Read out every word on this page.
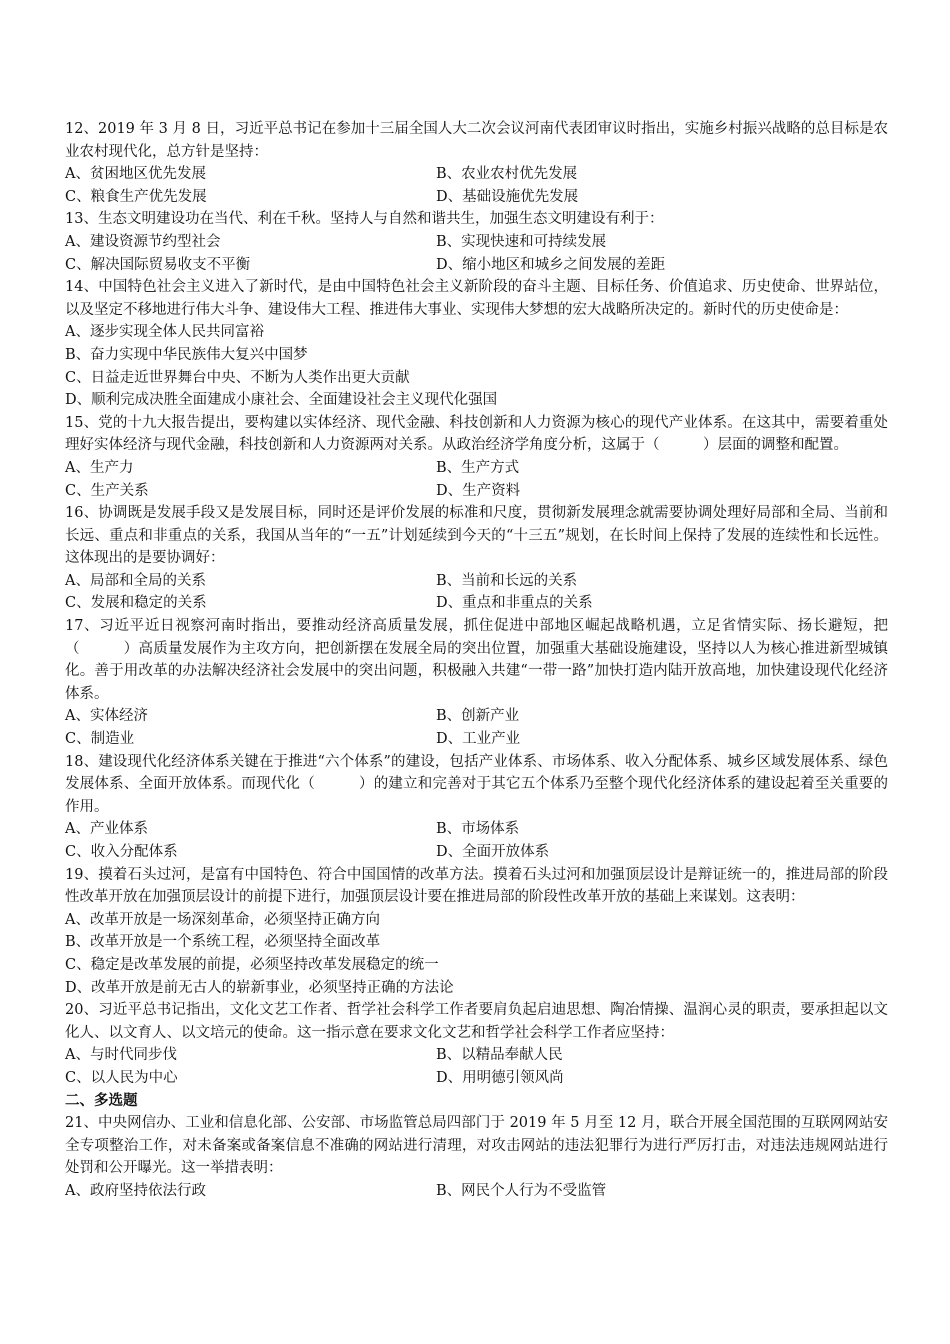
12、2019 年 3 月 8 日，习近平总书记在参加十三届全国人大二次会议河南代表团审议时指出，实施乡村振兴战略的总目标是农业农村现代化，总方针是坚持：

A、贫困地区优先发展	B、农业农村优先发展
C、粮食生产优先发展	D、基础设施优先发展

13、生态文明建设功在当代、利在千秋。坚持人与自然和谐共生，加强生态文明建设有利于：

A、建设资源节约型社会	B、实现快速和可持续发展
C、解决国际贸易收支不平衡	D、缩小地区和城乡之间发展的差距

14、中国特色社会主义进入了新时代，是由中国特色社会主义新阶段的奋斗主题、目标任务、价值追求、历史使命、世界站位，以及坚定不移地进行伟大斗争、建设伟大工程、推进伟大事业、实现伟大梦想的宏大战略所决定的。新时代的历史使命是：

A、逐步实现全体人民共同富裕
B、奋力实现中华民族伟大复兴中国梦
C、日益走近世界舞台中央、不断为人类作出更大贡献
D、顺利完成决胜全面建成小康社会、全面建设社会主义现代化强国

15、党的十九大报告提出，要构建以实体经济、现代金融、科技创新和人力资源为核心的现代产业体系。在这其中，需要着重处理好实体经济与现代金融，科技创新和人力资源两对关系。从政治经济学角度分析，这属于（　　　）层面的调整和配置。

A、生产力	B、生产方式
C、生产关系	D、生产资料

16、协调既是发展手段又是发展目标，同时还是评价发展的标准和尺度，贯彻新发展理念就需要协调处理好局部和全局、当前和长远、重点和非重点的关系，我国从当年的“一五”计划延续到今天的“十三五”规划，在长时间上保持了发展的连续性和长远性。这体现出的是要协调好：

A、局部和全局的关系	B、当前和长远的关系
C、发展和稳定的关系	D、重点和非重点的关系

17、习近平近日视察河南时指出，要推动经济高质量发展，抓住促进中部地区崛起战略机遇，立足省情实际、扬长避短，把（　　　）高质量发展作为主攻方向，把创新摆在发展全局的突出位置，加强重大基础设施建设，坚持以人为核心推进新型城镇化。善于用改革的办法解决经济社会发展中的突出问题，积极融入共建“一带一路”加快打造内陆开放高地，加快建设现代化经济体系。

A、实体经济	B、创新产业
C、制造业	D、工业产业

18、建设现代化经济体系关键在于推进“六个体系”的建设，包括产业体系、市场体系、收入分配体系、城乡区域发展体系、绿色发展体系、全面开放体系。而现代化（　　　）的建立和完善对于其它五个体系乃至整个现代化经济体系的建设起着至关重要的作用。

A、产业体系	B、市场体系
C、收入分配体系	D、全面开放体系

19、摸着石头过河，是富有中国特色、符合中国国情的改革方法。摸着石头过河和加强顶层设计是辩证统一的，推进局部的阶段性改革开放在加强顶层设计的前提下进行，加强顶层设计要在推进局部的阶段性改革开放的基础上来谋划。这表明：

A、改革开放是一场深刻革命，必须坚持正确方向
B、改革开放是一个系统工程，必须坚持全面改革
C、稳定是改革发展的前提，必须坚持改革发展稳定的统一
D、改革开放是前无古人的崭新事业，必须坚持正确的方法论

20、习近平总书记指出，文化文艺工作者、哲学社会科学工作者要肩负起启迪思想、陶冶情操、温润心灵的职责，要承担起以文化人、以文育人、以文培元的使命。这一指示意在要求文化文艺和哲学社会科学工作者应坚持：

A、与时代同步伐	B、以精品奉献人民
C、以人民为中心	D、用明德引领风尚
二、多选题

21、中央网信办、工业和信息化部、公安部、市场监管总局四部门于 2019 年 5 月至 12 月，联合开展全国范围的互联网网站安全专项整治工作，对未备案或备案信息不准确的网站进行清理，对攻击网站的违法犯罪行为进行严厉打击，对违法违规网站进行处罚和公开曝光。这一举措表明：

A、政府坚持依法行政	B、网民个人行为不受监管
